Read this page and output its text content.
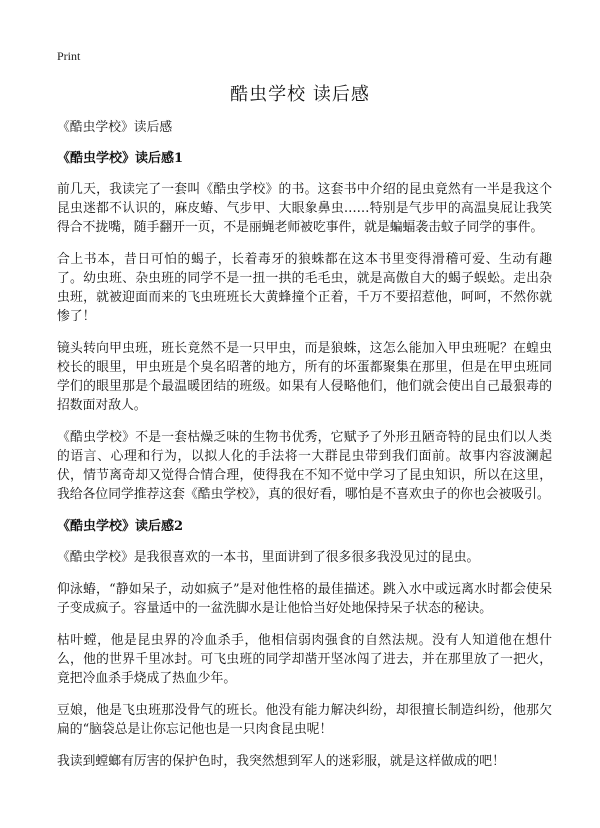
Print
酷虫学校 读后感

《酷虫学校》读后感

《酷虫学校》读后感1

前几天，我读完了一套叫《酷虫学校》的书。这套书中介绍的昆虫竟然有一半是我这个昆虫迷都不认识的，麻皮蝽、气步甲、大眼象鼻虫……特别是气步甲的高温臭屁让我笑得合不拢嘴，随手翻开一页，不是丽蝇老师被吃事件，就是蝙蝠袭击蚊子同学的事件。

合上书本，昔日可怕的蝎子，长着毒牙的狼蛛都在这本书里变得滑稽可爱、生动有趣了。幼虫班、杂虫班的同学不是一扭一拱的毛毛虫，就是高傲自大的蝎子蜈蚣。走出杂虫班，就被迎面而来的飞虫班班长大黄蜂撞个正着，千万不要招惹他，呵呵，不然你就惨了！

镜头转向甲虫班，班长竟然不是一只甲虫，而是狼蛛，这怎么能加入甲虫班呢？在蝗虫校长的眼里，甲虫班是个臭名昭著的地方，所有的坏蛋都聚集在那里，但是在甲虫班同学们的眼里那是个最温暖团结的班级。如果有人侵略他们，他们就会使出自己最狠毒的招数面对敌人。

《酷虫学校》不是一套枯燥乏味的生物书优秀，它赋予了外形丑陋奇特的昆虫们以人类的语言、心理和行为，以拟人化的手法将一大群昆虫带到我们面前。故事内容波澜起伏，情节离奇却又觉得合情合理，使得我在不知不觉中学习了昆虫知识，所以在这里，我给各位同学推荐这套《酷虫学校》，真的很好看，哪怕是不喜欢虫子的你也会被吸引。

《酷虫学校》读后感2

《酷虫学校》是我很喜欢的一本书，里面讲到了很多很多我没见过的昆虫。

仰泳蝽，“静如呆子，动如疯子”是对他性格的最佳描述。跳入水中或远离水时都会使呆子变成疯子。容量适中的一盆洗脚水是让他恰当好处地保持呆子状态的秘诀。

枯叶螳，他是昆虫界的冷血杀手，他相信弱肉强食的自然法规。没有人知道他在想什么，他的世界千里冰封。可飞虫班的同学却凿开坚冰闯了进去，并在那里放了一把火，竟把冷血杀手烧成了热血少年。

豆娘，他是飞虫班那没骨气的班长。他没有能力解决纠纷，却很擅长制造纠纷，他那欠扁的“脑袋总是让你忘记他也是一只肉食昆虫呢！

我读到螳螂有厉害的保护色时，我突然想到军人的迷彩服，就是这样做成的吧！
